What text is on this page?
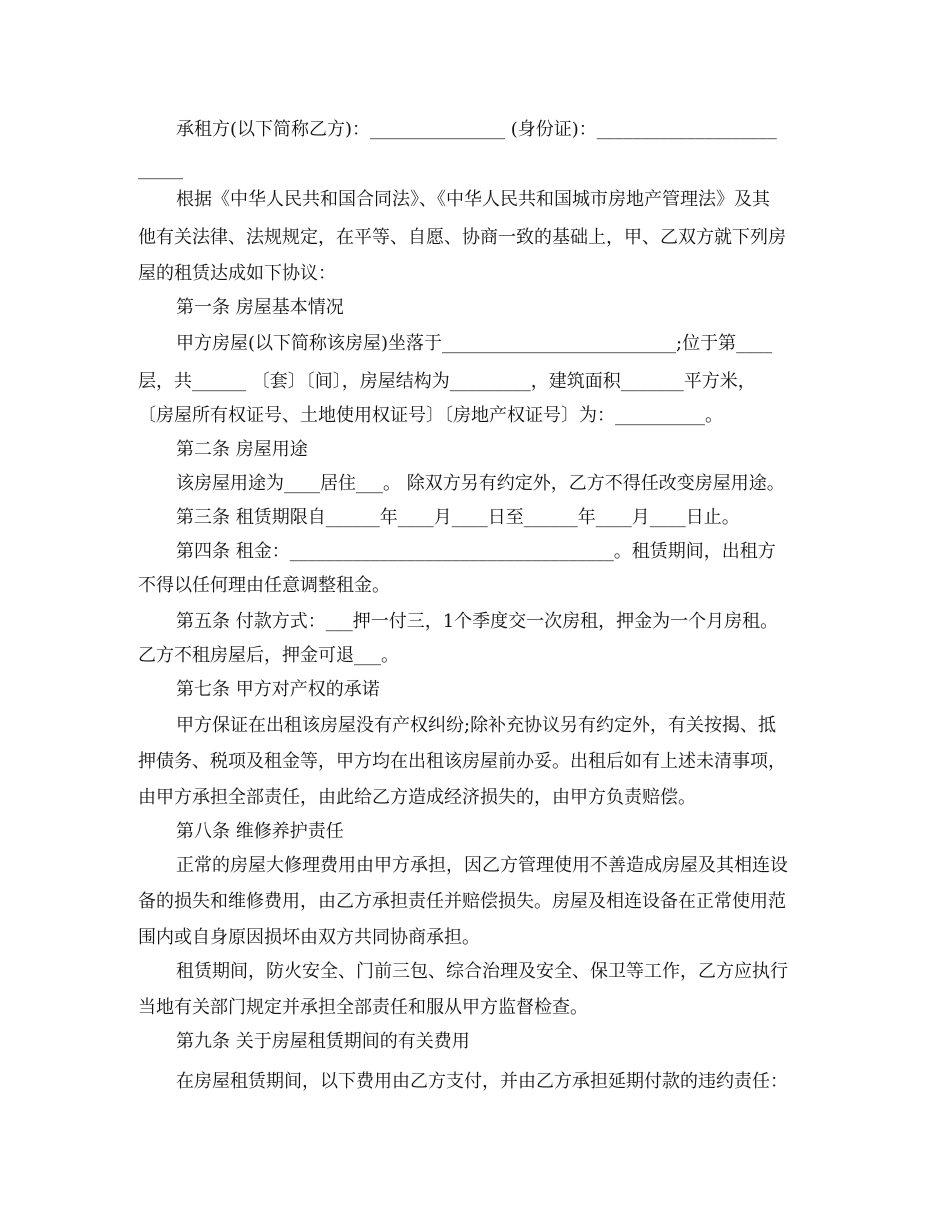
承租方(以下简称乙方)：_______________ (身份证)：____________________

_____

根据《中华人民共和国合同法》、《中华人民共和国城市房地产管理法》及其

他有关法律、法规规定，在平等、自愿、协商一致的基础上，甲、乙双方就下列房

屋的租赁达成如下协议：

第一条 房屋基本情况

甲方房屋(以下简称该房屋)坐落于__________________________;位于第____

层，共______ 〔套〕〔间〕，房屋结构为_________，建筑面积_______平方米，

〔房屋所有权证号、土地使用权证号〕〔房地产权证号〕为：__________。

第二条 房屋用途

该房屋用途为____居住___。 除双方另有约定外，乙方不得任改变房屋用途。

第三条 租赁期限自______年____月____日至______年____月____日止。

第四条 租金：____________________________________。租赁期间，出租方

不得以任何理由任意调整租金。

第五条 付款方式：___押一付三，1个季度交一次房租，押金为一个月房租。

乙方不租房屋后，押金可退___。

第七条 甲方对产权的承诺

甲方保证在出租该房屋没有产权纠纷;除补充协议另有约定外，有关按揭、抵

押债务、税项及租金等，甲方均在出租该房屋前办妥。出租后如有上述未清事项，

由甲方承担全部责任，由此给乙方造成经济损失的，由甲方负责赔偿。

第八条 维修养护责任

正常的房屋大修理费用由甲方承担，因乙方管理使用不善造成房屋及其相连设

备的损失和维修费用，由乙方承担责任并赔偿损失。房屋及相连设备在正常使用范

围内或自身原因损坏由双方共同协商承担。

租赁期间，防火安全、门前三包、综合治理及安全、保卫等工作，乙方应执行

当地有关部门规定并承担全部责任和服从甲方监督检查。

第九条 关于房屋租赁期间的有关费用

在房屋租赁期间，以下费用由乙方支付，并由乙方承担延期付款的违约责任：
